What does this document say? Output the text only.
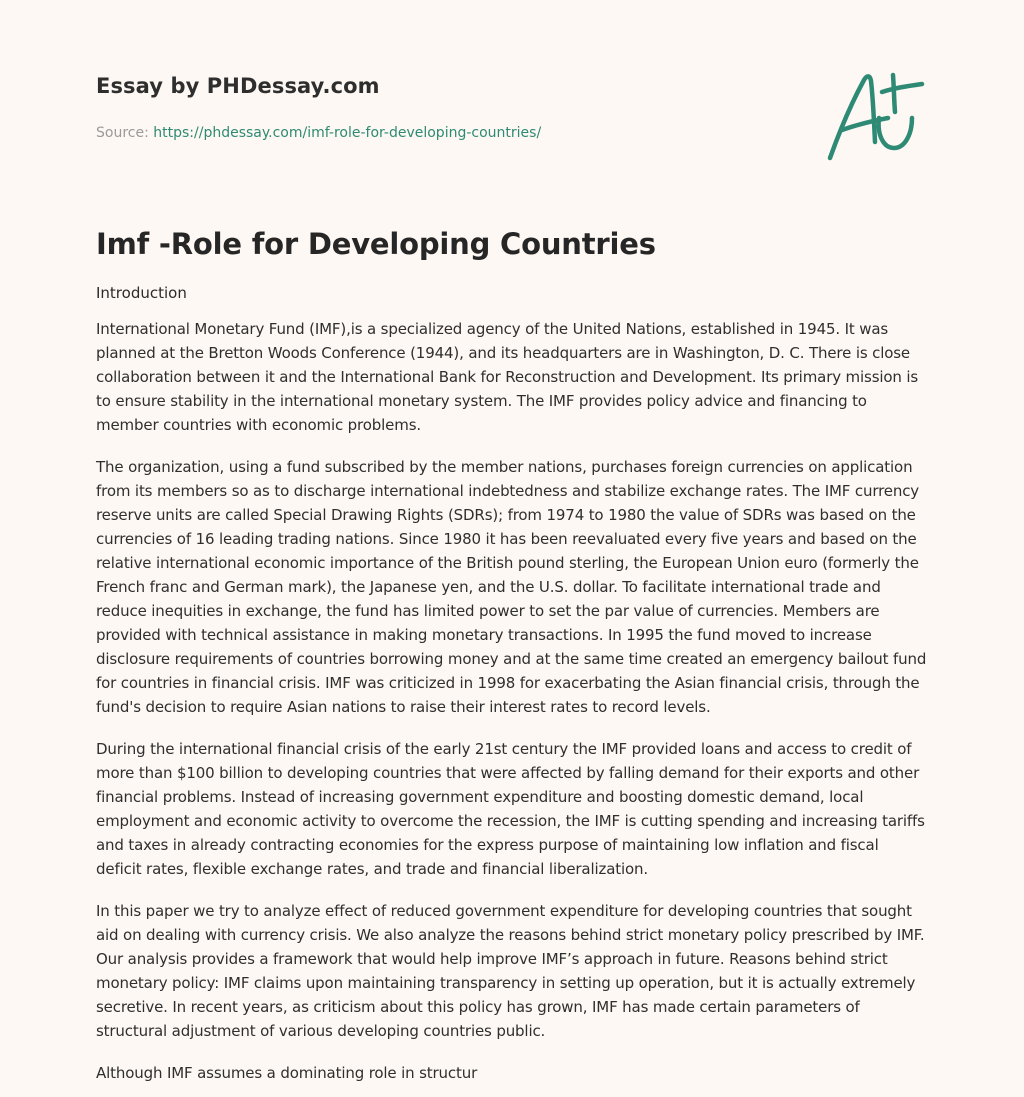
Essay by PHDessay.com

Source: https://phdessay.com/imf-role-for-developing-countries/
Imf -Role for Developing Countries
Introduction

International Monetary Fund (IMF),is a specialized agency of the United Nations, established in 1945. It was planned at the Bretton Woods Conference (1944), and its headquarters are in Washington, D. C. There is close collaboration between it and the International Bank for Reconstruction and Development. Its primary mission is to ensure stability in the international monetary system. The IMF provides policy advice and financing to member countries with economic problems.

The organization, using a fund subscribed by the member nations, purchases foreign currencies on application from its members so as to discharge international indebtedness and stabilize exchange rates. The IMF currency reserve units are called Special Drawing Rights (SDRs); from 1974 to 1980 the value of SDRs was based on the currencies of 16 leading trading nations. Since 1980 it has been reevaluated every five years and based on the relative international economic importance of the British pound sterling, the European Union euro (formerly the French franc and German mark), the Japanese yen, and the U.S. dollar. To facilitate international trade and reduce inequities in exchange, the fund has limited power to set the par value of currencies. Members are provided with technical assistance in making monetary transactions. In 1995 the fund moved to increase disclosure requirements of countries borrowing money and at the same time created an emergency bailout fund for countries in financial crisis. IMF was criticized in 1998 for exacerbating the Asian financial crisis, through the fund's decision to require Asian nations to raise their interest rates to record levels.

During the international financial crisis of the early 21st century the IMF provided loans and access to credit of more than $100 billion to developing countries that were affected by falling demand for their exports and other financial problems. Instead of increasing government expenditure and boosting domestic demand, local employment and economic activity to overcome the recession, the IMF is cutting spending and increasing tariffs and taxes in already contracting economies for the express purpose of maintaining low inflation and fiscal deficit rates, flexible exchange rates, and trade and financial liberalization.

In this paper we try to analyze effect of reduced government expenditure for developing countries that sought aid on dealing with currency crisis. We also analyze the reasons behind strict monetary policy prescribed by IMF. Our analysis provides a framework that would help improve IMF’s approach in future. Reasons behind strict monetary policy: IMF claims upon maintaining transparency in setting up operation, but it is actually extremely secretive. In recent years, as criticism about this policy has grown, IMF has made certain parameters of structural adjustment of various developing countries public.

Although IMF assumes a dominating role in structur
